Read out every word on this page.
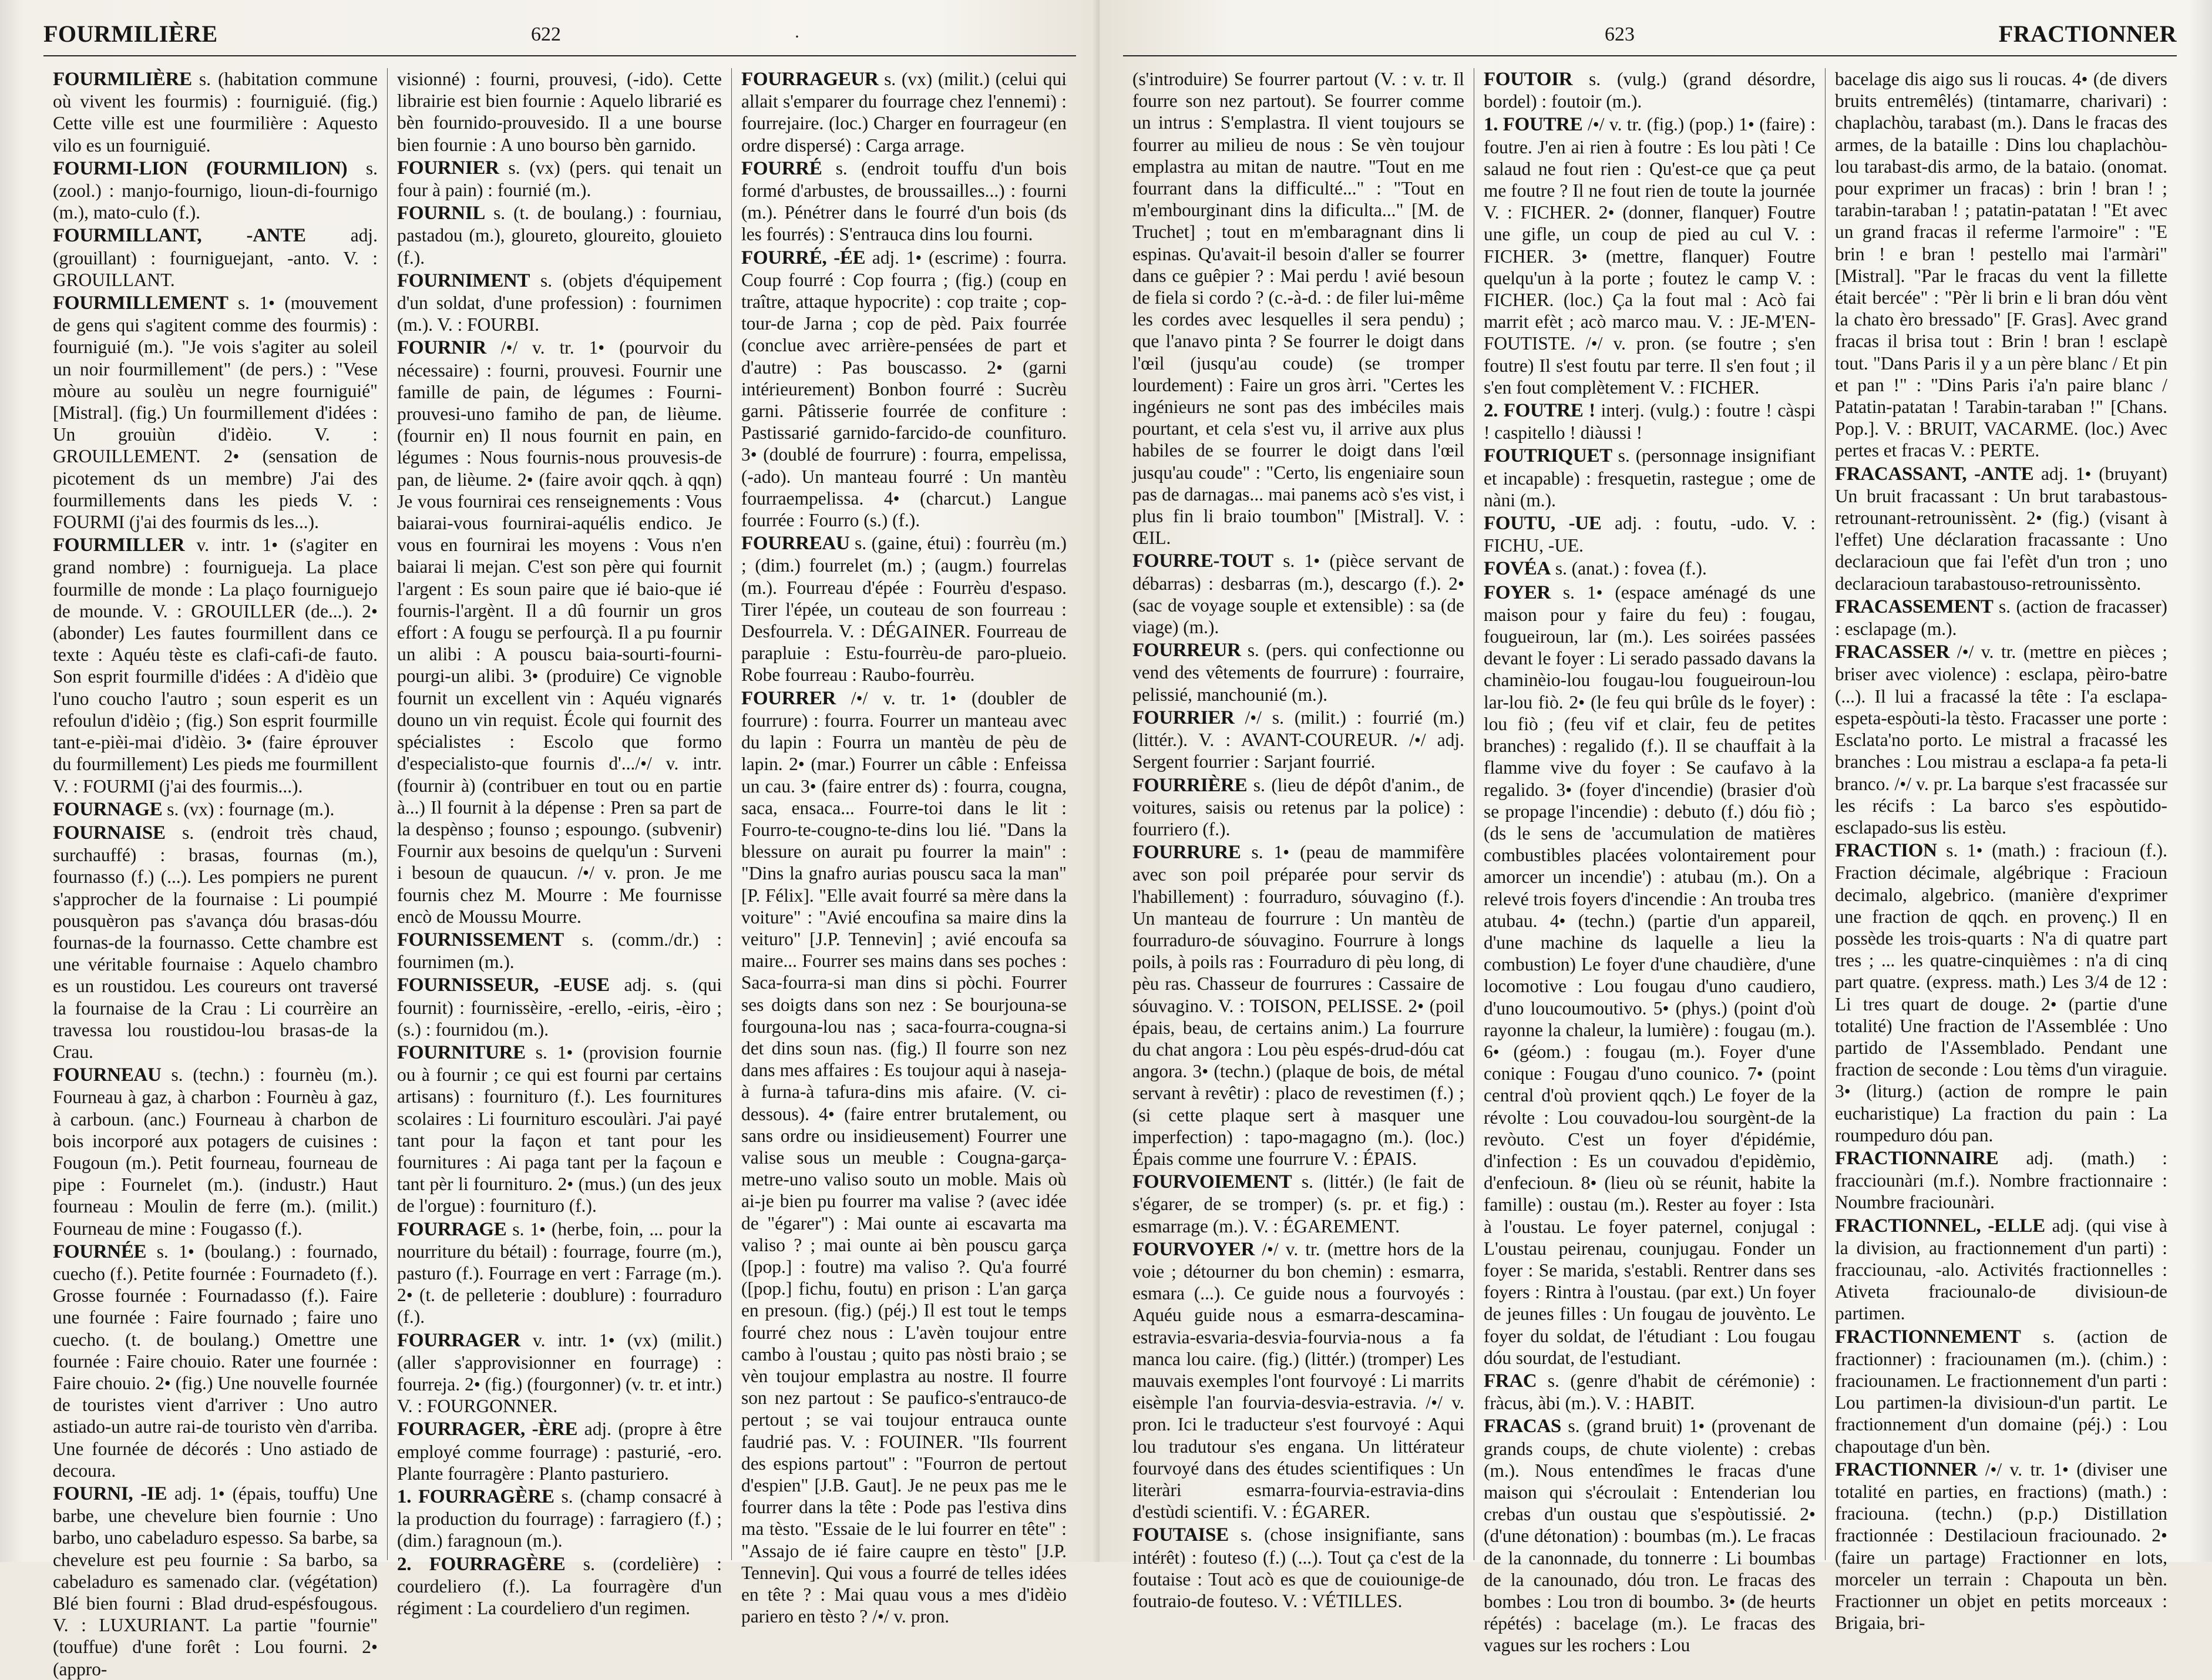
FOURMILIÈRE	622

FOURMILIÈRE s. (habitation commune où vivent les fourmis) : fourniguié. (fig.) Cette ville est une fourmilière : Aquesto vilo es un fourniguié.

FOURMI-LION (FOURMILION) s. (zool.) : manjo-fournigo, lioun-di-fournigo (m.), mato-culo (f.).

FOURMILLANT, -ANTE adj. (grouillant) : fourniguejant, -anto. V. : GROUILLANT.

FOURMILLEMENT s. 1• (mouvement de gens qui s'agitent comme des fourmis) : fourniguié (m.). "Je vois s'agiter au soleil un noir fourmillement" (de pers.) : "Vese mòure au soulèu un negre fourniguié" [Mistral]. (fig.) Un fourmillement d'idées : Un grouiùn d'idèio. V. : GROUILLEMENT. 2• (sensation de picotement ds un membre) J'ai des fourmillements dans les pieds V. : FOURMI (j'ai des fourmis ds les...).

FOURMILLER v. intr. 1• (s'agiter en grand nombre) : fournigueja. La place fourmille de monde : La plaço fourniguejo de mounde. V. : GROUILLER (de...). 2• (abonder) Les fautes fourmillent dans ce texte : Aquéu tèste es clafi-cafi-de fauto. Son esprit fourmille d'idées : A d'idèio que l'uno coucho l'autro ; soun esperit es un refoulun d'idèio ; (fig.) Son esprit fourmille tant-e-pièi-mai d'idèio. 3• (faire éprouver du fourmillement) Les pieds me fourmillent V. : FOURMI (j'ai des fourmis...).

FOURNAGE s. (vx) : fournage (m.).

FOURNAISE s. (endroit très chaud, surchauffé) : brasas, fournas (m.), fournasso (f.) (...). Les pompiers ne purent s'approcher de la fournaise : Li poumpié pousquèron pas s'avança dóu brasas-dóu fournas-de la fournasso. Cette chambre est une véritable fournaise : Aquelo chambro es un roustidou. Les coureurs ont traversé la fournaise de la Crau : Li courrèire an travessa lou roustidou-lou brasas-de la Crau.

FOURNEAU s. (techn.) : fournèu (m.). Fourneau à gaz, à charbon : Fournèu à gaz, à carboun. (anc.) Fourneau à charbon de bois incorporé aux potagers de cuisines : Fougoun (m.). Petit fourneau, fourneau de pipe : Fournelet (m.). (industr.) Haut fourneau : Moulin de ferre (m.). (milit.) Fourneau de mine : Fougasso (f.).

FOURNÉE s. 1• (boulang.) : fournado, cuecho (f.). Petite fournée : Fournadeto (f.). Grosse fournée : Fournadasso (f.). Faire une fournée : Faire fournado ; faire uno cuecho. (t. de boulang.) Omettre une fournée : Faire chouio. Rater une fournée : Faire chouio. 2• (fig.) Une nouvelle fournée de touristes vient d'arriver : Uno autro astiado-un autre rai-de touristo vèn d'arriba. Une fournée de décorés : Uno astiado de decoura.

FOURNI, -IE adj. 1• (épais, touffu) Une barbe, une chevelure bien fournie : Uno barbo, uno cabeladuro espesso. Sa barbe, sa chevelure est peu fournie : Sa barbo, sa cabeladuro es samenado clar. (végétation) Blé bien fourni : Blad drud-espésfougous. V. : LUXURIANT. La partie "fournie" (touffue) d'une forêt : Lou fourni. 2• (appro-

visionné) : fourni, prouvesi, (-ido). Cette librairie est bien fournie : Aquelo librarié es bèn fournido-prouvesido. Il a une bourse bien fournie : A uno bourso bèn garnido.

FOURNIER s. (vx) (pers. qui tenait un four à pain) : fournié (m.).

FOURNIL s. (t. de boulang.) : fourniau, pastadou (m.), gloureto, gloureito, glouieto (f.).

FOURNIMENT s. (objets d'équipement d'un soldat, d'une profession) : fournimen (m.). V. : FOURBI.

FOURNIR /•/ v. tr. 1• (pourvoir du nécessaire) : fourni, prouvesi. Fournir une famille de pain, de légumes : Fourni-prouvesi-uno famiho de pan, de lièume. (fournir en) Il nous fournit en pain, en légumes : Nous fournis-nous prouvesis-de pan, de lièume. 2• (faire avoir qqch. à qqn) Je vous fournirai ces renseignements : Vous baiarai-vous fournirai-aquélis endico. Je vous en fournirai les moyens : Vous n'en baiarai li mejan. C'est son père qui fournit l'argent : Es soun paire que ié baio-que ié fournis-l'argènt. Il a dû fournir un gros effort : A fougu se perfourçà. Il a pu fournir un alibi : A pouscu baia-sourti-fourni-pourgi-un alibi. 3• (produire) Ce vignoble fournit un excellent vin : Aquéu vignarés douno un vin requist. École qui fournit des spécialistes : Escolo que formo d'especialisto-que fournis d'.../•/ v. intr. (fournir à) (contribuer en tout ou en partie à...) Il fournit à la dépense : Pren sa part de la despènso ; founso ; espoungo. (subvenir) Fournir aux besoins de quelqu'un : Surveni i besoun de quaucun. /•/ v. pron. Je me fournis chez M. Mourre : Me fournisse encò de Moussu Mourre.

FOURNISSEMENT s. (comm./dr.) : fournimen (m.).

FOURNISSEUR, -EUSE adj. s. (qui fournit) : fournissèire, -erello, -eiris, -èiro ; (s.) : fournidou (m.).

FOURNITURE s. 1• (provision fournie ou à fournir ; ce qui est fourni par certains artisans) : fournituro (f.). Les fournitures scolaires : Li fournituro escoulàri. J'ai payé tant pour la façon et tant pour les fournitures : Ai paga tant per la façoun e tant pèr li fournituro. 2• (mus.) (un des jeux de l'orgue) : fournituro (f.).

FOURRAGE s. 1• (herbe, foin, ... pour la nourriture du bétail) : fourrage, fourre (m.), pasturo (f.). Fourrage en vert : Farrage (m.). 2• (t. de pelleterie : doublure) : fourraduro (f.).

FOURRAGER v. intr. 1• (vx) (milit.) (aller s'approvisionner en fourrage) : fourreja. 2• (fig.) (fourgonner) (v. tr. et intr.) V. : FOURGONNER.

FOURRAGER, -ÈRE adj. (propre à être employé comme fourrage) : pasturié, -ero. Plante fourragère : Planto pasturiero.

1. FOURRAGÈRE s. (champ consacré à la production du fourrage) : farragiero (f.) ; (dim.) faragnoun (m.).

2. FOURRAGÈRE s. (cordelière) : courdeliero (f.). La fourragère d'un régiment : La courdeliero d'un regimen.

FOURRAGEUR s. (vx) (milit.) (celui qui allait s'emparer du fourrage chez l'ennemi) : fourrejaire. (loc.) Charger en fourrageur (en ordre dispersé) : Carga arrage.

FOURRÉ s. (endroit touffu d'un bois formé d'arbustes, de broussailles...) : fourni (m.). Pénétrer dans le fourré d'un bois (ds les fourrés) : S'entrauca dins lou fourni.

FOURRÉ, -ÉE adj. 1• (escrime) : fourra. Coup fourré : Cop fourra ; (fig.) (coup en traître, attaque hypocrite) : cop traite ; cop-tour-de Jarna ; cop de pèd. Paix fourrée (conclue avec arrière-pensées de part et d'autre) : Pas bouscasso. 2• (garni intérieurement) Bonbon fourré : Sucrèu garni. Pâtisserie fourrée de confiture : Pastissarié garnido-farcido-de counfituro. 3• (doublé de fourrure) : fourra, empelissa, (-ado). Un manteau fourré : Un mantèu fourraempelissa. 4• (charcut.) Langue fourrée : Fourro (s.) (f.).

FOURREAU s. (gaine, étui) : fourrèu (m.) ; (dim.) fourrelet (m.) ; (augm.) fourrelas (m.). Fourreau d'épée : Fourrèu d'espaso. Tirer l'épée, un couteau de son fourreau : Desfourrela. V. : DÉGAINER. Fourreau de parapluie : Estu-fourrèu-de paro-plueio. Robe fourreau : Raubo-fourrèu.

FOURRER /•/ v. tr. 1• (doubler de fourrure) : fourra. Fourrer un manteau avec du lapin : Fourra un mantèu de pèu de lapin. 2• (mar.) Fourrer un câble : Enfeissa un cau. 3• (faire entrer ds) : fourra, cougna, saca, ensaca... Fourre-toi dans le lit : Fourro-te-cougno-te-dins lou lié. "Dans la blessure on aurait pu fourrer la main" : "Dins la gnafro aurias pouscu saca la man" [P. Félix]. "Elle avait fourré sa mère dans la voiture" : "Avié encoufina sa maire dins la veituro" [J.P. Tennevin] ; avié encoufa sa maire... Fourrer ses mains dans ses poches : Saca-fourra-si man dins si pòchi. Fourrer ses doigts dans son nez : Se bourjouna-se fourgouna-lou nas ; saca-fourra-cougna-si det dins soun nas. (fig.) Il fourre son nez dans mes affaires : Es toujour aqui à naseja-à furna-à tafura-dins mis afaire. (V. ci-dessous). 4• (faire entrer brutalement, ou sans ordre ou insidieusement) Fourrer une valise sous un meuble : Cougna-garça-metre-uno valiso souto un moble. Mais où ai-je bien pu fourrer ma valise ? (avec idée de "égarer") : Mai ounte ai escavarta ma valiso ? ; mai ounte ai bèn pouscu garça ([pop.] : foutre) ma valiso ?. Qu'a fourré ([pop.] fichu, foutu) en prison : L'an garça en presoun. (fig.) (péj.) Il est tout le temps fourré chez nous : L'avèn toujour entre cambo à l'oustau ; quito pas nòsti braio ; se vèn toujour emplastra au nostre. Il fourre son nez partout : Se paufico-s'entrauco-de pertout ; se vai toujour entrauca ounte faudrié pas. V. : FOUINER. "Ils fourrent des espions partout" : "Fourron de pertout d'espien" [J.B. Gaut]. Je ne peux pas me le fourrer dans la tête : Pode pas l'estiva dins ma tèsto. "Essaie de le lui fourrer en tête" : "Assajo de ié faire caupre en tèsto" [J.P. Tennevin]. Qui vous a fourré de telles idées en tête ? : Mai quau vous a mes d'idèio pariero en tèsto ? /•/ v. pron.

·	623	FRACTIONNER

(s'introduire) Se fourrer partout (V. : v. tr. Il fourre son nez partout). Se fourrer comme un intrus : S'emplastra. Il vient toujours se fourrer au milieu de nous : Se vèn toujour emplastra au mitan de nautre. "Tout en me fourrant dans la difficulté..." : "Tout en m'embourginant dins la dificulta..." [M. de Truchet] ; tout en m'embaragnant dins li espinas. Qu'avait-il besoin d'aller se fourrer dans ce guêpier ? : Mai perdu ! avié besoun de fiela si cordo ? (c.-à-d. : de filer lui-même les cordes avec lesquelles il sera pendu) ; que l'anavo pinta ? Se fourrer le doigt dans l'œil (jusqu'au coude) (se tromper lourdement) : Faire un gros àrri. "Certes les ingénieurs ne sont pas des imbéciles mais pourtant, et cela s'est vu, il arrive aux plus habiles de se fourrer le doigt dans l'œil jusqu'au coude" : "Certo, lis engeniaire soun pas de darnagas... mai panems acò s'es vist, i plus fin li braio toumbon" [Mistral]. V. : ŒIL.

FOURRE-TOUT s. 1• (pièce servant de débarras) : desbarras (m.), descargo (f.). 2• (sac de voyage souple et extensible) : sa (de viage) (m.).

FOURREUR s. (pers. qui confectionne ou vend des vêtements de fourrure) : fourraire, pelissié, manchounié (m.).

FOURRIER /•/ s. (milit.) : fourrié (m.) (littér.). V. : AVANT-COUREUR. /•/ adj. Sergent fourrier : Sarjant fourrié.

FOURRIÈRE s. (lieu de dépôt d'anim., de voitures, saisis ou retenus par la police) : fourriero (f.).

FOURRURE s. 1• (peau de mammifère avec son poil préparée pour servir ds l'habillement) : fourraduro, sóuvagino (f.). Un manteau de fourrure : Un mantèu de fourraduro-de sóuvagino. Fourrure à longs poils, à poils ras : Fourraduro di pèu long, di pèu ras. Chasseur de fourrures : Cassaire de sóuvagino. V. : TOISON, PELISSE. 2• (poil épais, beau, de certains anim.) La fourrure du chat angora : Lou pèu espés-drud-dóu cat angora. 3• (techn.) (plaque de bois, de métal servant à revêtir) : placo de revestimen (f.) ; (si cette plaque sert à masquer une imperfection) : tapo-magagno (m.). (loc.) Épais comme une fourrure V. : ÉPAIS.

FOURVOIEMENT s. (littér.) (le fait de s'égarer, de se tromper) (s. pr. et fig.) : esmarrage (m.). V. : ÉGAREMENT.

FOURVOYER /•/ v. tr. (mettre hors de la voie ; détourner du bon chemin) : esmarra, esmara (...). Ce guide nous a fourvoyés : Aquéu guide nous a esmarra-descamina-estravia-esvaria-desvia-fourvia-nous a fa manca lou caire. (fig.) (littér.) (tromper) Les mauvais exemples l'ont fourvoyé : Li marrits eisèmple l'an fourvia-desvia-estravia. /•/ v. pron. Ici le traducteur s'est fourvoyé : Aqui lou tradutour s'es engana. Un littérateur fourvoyé dans des études scientifiques : Un literàri esmarra-fourvia-estravia-dins d'estùdi scientifi. V. : ÉGARER.

FOUTAISE s. (chose insignifiante, sans intérêt) : fouteso (f.) (...). Tout ça c'est de la foutaise : Tout acò es que de couiounige-de foutraio-de fouteso. V. : VÉTILLES.

FOUTOIR s. (vulg.) (grand désordre, bordel) : foutoir (m.).

1. FOUTRE /•/ v. tr. (fig.) (pop.) 1• (faire) : foutre. J'en ai rien à foutre : Es lou pàti ! Ce salaud ne fout rien : Qu'est-ce que ça peut me foutre ? Il ne fout rien de toute la journée V. : FICHER. 2• (donner, flanquer) Foutre une gifle, un coup de pied au cul V. : FICHER. 3• (mettre, flanquer) Foutre quelqu'un à la porte ; foutez le camp V. : FICHER. (loc.) Ça la fout mal : Acò fai marrit efèt ; acò marco mau. V. : JE-M'EN-FOUTISTE. /•/ v. pron. (se foutre ; s'en foutre) Il s'est foutu par terre. Il s'en fout ; il s'en fout complètement V. : FICHER.

2. FOUTRE ! interj. (vulg.) : foutre ! càspi ! caspitello ! diàussi !

FOUTRIQUET s. (personnage insignifiant et incapable) : fresquetin, rastegue ; ome de nàni (m.).

FOUTU, -UE adj. : foutu, -udo. V. : FICHU, -UE.

FOVÉA s. (anat.) : fovea (f.).

FOYER s. 1• (espace aménagé ds une maison pour y faire du feu) : fougau, fougueiroun, lar (m.). Les soirées passées devant le foyer : Li serado passado davans la chaminèio-lou fougau-lou fougueiroun-lou lar-lou fiò. 2• (le feu qui brûle ds le foyer) : lou fiò ; (feu vif et clair, feu de petites branches) : regalido (f.). Il se chauffait à la flamme vive du foyer : Se caufavo à la regalido. 3• (foyer d'incendie) (brasier d'où se propage l'incendie) : debuto (f.) dóu fiò ; (ds le sens de 'accumulation de matières combustibles placées volontairement pour amorcer un incendie') : atubau (m.). On a relevé trois foyers d'incendie : An trouba tres atubau. 4• (techn.) (partie d'un appareil, d'une machine ds laquelle a lieu la combustion) Le foyer d'une chaudière, d'une locomotive : Lou fougau d'uno caudiero, d'uno loucoumoutivo. 5• (phys.) (point d'où rayonne la chaleur, la lumière) : fougau (m.). 6• (géom.) : fougau (m.). Foyer d'une conique : Fougau d'uno counico. 7• (point central d'où provient qqch.) Le foyer de la révolte : Lou couvadou-lou sourgènt-de la revòuto. C'est un foyer d'épidémie, d'infection : Es un couvadou d'epidèmio, d'enfecioun. 8• (lieu où se réunit, habite la famille) : oustau (m.). Rester au foyer : Ista à l'oustau. Le foyer paternel, conjugal : L'oustau peirenau, counjugau. Fonder un foyer : Se marida, s'establi. Rentrer dans ses foyers : Rintra à l'oustau. (par ext.) Un foyer de jeunes filles : Un fougau de jouvènto. Le foyer du soldat, de l'étudiant : Lou fougau dóu sourdat, de l'estudiant.

FRAC s. (genre d'habit de cérémonie) : fràcus, àbi (m.). V. : HABIT.

FRACAS s. (grand bruit) 1• (provenant de grands coups, de chute violente) : crebas (m.). Nous entendîmes le fracas d'une maison qui s'écroulait : Entenderian lou crebas d'un oustau que s'espòutissié. 2• (d'une détonation) : boumbas (m.). Le fracas de la canonnade, du tonnerre : Li boumbas de la canounado, dóu tron. Le fracas des bombes : Lou tron di boumbo. 3• (de heurts répétés) : bacelage (m.). Le fracas des vagues sur les rochers : Lou

bacelage dis aigo sus li roucas. 4• (de divers bruits entremêlés) (tintamarre, charivari) : chaplachòu, tarabast (m.). Dans le fracas des armes, de la bataille : Dins lou chaplachòu-lou tarabast-dis armo, de la bataio. (onomat. pour exprimer un fracas) : brin ! bran ! ; tarabin-taraban ! ; patatin-patatan ! "Et avec un grand fracas il referme l'armoire" : "E brin ! e bran ! pestello mai l'armàri" [Mistral]. "Par le fracas du vent la fillette était bercée" : "Pèr li brin e li bran dóu vènt la chato èro bressado" [F. Gras]. Avec grand fracas il brisa tout : Brin ! bran ! esclapè tout. "Dans Paris il y a un père blanc / Et pin et pan !" : "Dins Paris i'a'n paire blanc / Patatin-patatan ! Tarabin-taraban !" [Chans. Pop.]. V. : BRUIT, VACARME. (loc.) Avec pertes et fracas V. : PERTE.

FRACASSANT, -ANTE adj. 1• (bruyant) Un bruit fracassant : Un brut tarabastous-retrounant-retrounissènt. 2• (fig.) (visant à l'effet) Une déclaration fracassante : Uno declaracioun que fai l'efèt d'un tron ; uno declaracioun tarabastouso-retrounissènto.

FRACASSEMENT s. (action de fracasser) : esclapage (m.).

FRACASSER /•/ v. tr. (mettre en pièces ; briser avec violence) : esclapa, pèiro-batre (...). Il lui a fracassé la tête : I'a esclapa-espeta-espòuti-la tèsto. Fracasser une porte : Esclata'no porto. Le mistral a fracassé les branches : Lou mistrau a esclapa-a fa peta-li branco. /•/ v. pr. La barque s'est fracassée sur les récifs : La barco s'es espòutido-esclapado-sus lis estèu.

FRACTION s. 1• (math.) : fracioun (f.). Fraction décimale, algébrique : Fracioun decimalo, algebrico. (manière d'exprimer une fraction de qqch. en provenç.) Il en possède les trois-quarts : N'a di quatre part tres ; ... les quatre-cinquièmes : n'a di cinq part quatre. (express. math.) Les 3/4 de 12 : Li tres quart de douge. 2• (partie d'une totalité) Une fraction de l'Assemblée : Uno partido de l'Assemblado. Pendant une fraction de seconde : Lou tèms d'un viraguie. 3• (liturg.) (action de rompre le pain eucharistique) La fraction du pain : La roumpeduro dóu pan.

FRACTIONNAIRE adj. (math.) : fracciounàri (m.f.). Nombre fractionnaire : Noumbre fraciounàri.

FRACTIONNEL, -ELLE adj. (qui vise à la division, au fractionnement d'un parti) : fracciounau, -alo. Activités fractionnelles : Ativeta fraciounalo-de divisioun-de partimen.

FRACTIONNEMENT s. (action de fractionner) : fraciounamen (m.). (chim.) : fraciounamen. Le fractionnement d'un parti : Lou partimen-la divisioun-d'un partit. Le fractionnement d'un domaine (péj.) : Lou chapoutage d'un bèn.

FRACTIONNER /•/ v. tr. 1• (diviser une totalité en parties, en fractions) (math.) : fraciouna. (techn.) (p.p.) Distillation fractionnée : Destilacioun fraciounado. 2• (faire un partage) Fractionner en lots, morceler un terrain : Chapouta un bèn. Fractionner un objet en petits morceaux : Brigaia, bri-
